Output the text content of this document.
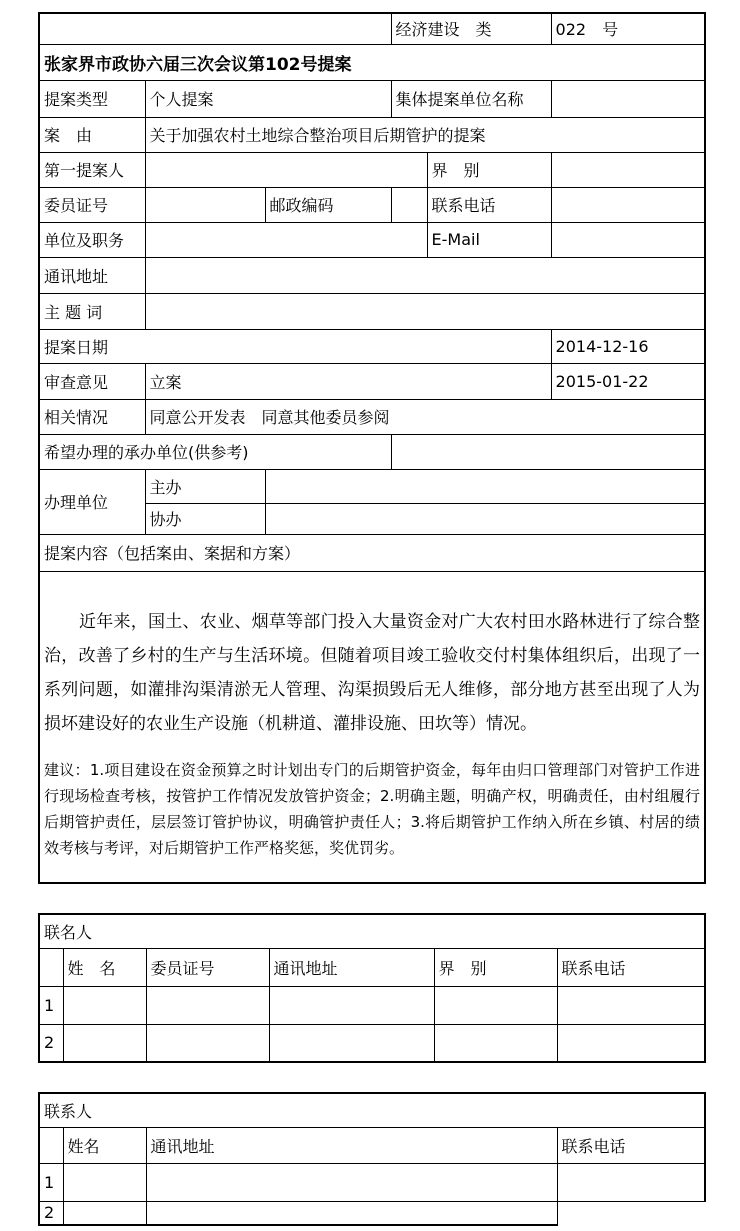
			经济建设　类		022　号
张家界市政协六届三次会议第102号提案					
提案类型	个人提案		集体提案单位名称		
案　由	关于加强农村土地综合整治项目后期管护的提案				
第一提案人				界　别	
委员证号		邮政编码		联系电话	
单位及职务				E-Mail	
通讯地址					
主 题 词					
提案日期					2014-12-16
审查意见	立案				2015-01-22
相关情况	同意公开发表　同意其他委员参阅				
希望办理的承办单位(供参考)					
办理单位	主办				
	协办				
提案内容（包括案由、案据和方案）					

近年来，国土、农业、烟草等部门投入大量资金对广大农村田水路林进行了综合整治，改善了乡村的生产与生活环境。但随着项目竣工验收交付村集体组织后，出现了一系列问题，如灌排沟渠清淤无人管理、沟渠损毁后无人维修，部分地方甚至出现了人为损坏建设好的农业生产设施（机耕道、灌排设施、田坎等）情况。

建议：1.项目建设在资金预算之时计划出专门的后期管护资金，每年由归口管理部门对管护工作进行现场检查考核，按管护工作情况发放管护资金；2.明确主题，明确产权，明确责任，由村组履行后期管护责任，层层签订管护协议，明确管护责任人；3.将后期管护工作纳入所在乡镇、村居的绩效考核与考评，对后期管护工作严格奖惩，奖优罚劣。					

联名人					
	姓　名	委员证号	通讯地址	界　别	联系电话
1					
2					
联系人			
	姓名	通讯地址	联系电话
1			
2			
